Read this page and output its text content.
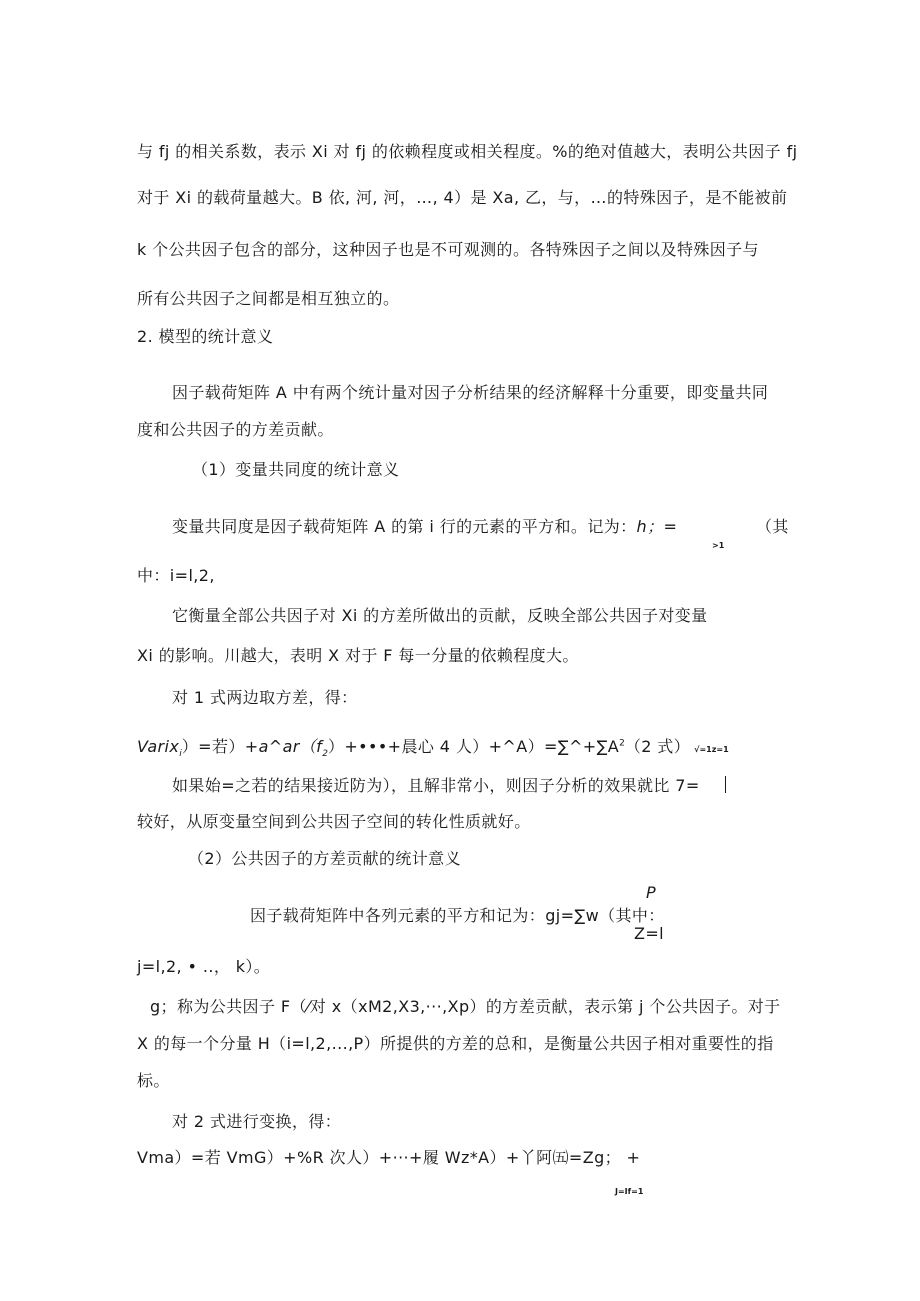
与 fj 的相关系数，表示 Xi 对 fj 的依赖程度或相关程度。%的绝对值越大，表明公共因子 fj
对于 Xi 的载荷量越大。B 依, 河, 河，…, 4）是 Xa, 乙，与，…的特殊因子，是不能被前
k 个公共因子包含的部分，这种因子也是不可观测的。各特殊因子之间以及特殊因子与
所有公共因子之间都是相互独立的。
2. 模型的统计意义
因子载荷矩阵 A 中有两个统计量对因子分析结果的经济解释十分重要，即变量共同
度和公共因子的方差贡献。
（1）变量共同度的统计意义
变量共同度是因子载荷矩阵 A 的第 i 行的元素的平方和。记为：h；=	（其
>1
中：i=l,2,
它衡量全部公共因子对 Xi 的方差所做出的贡献，反映全部公共因子对变量
Xi 的影响。川越大，表明 X 对于 F 每一分量的依赖程度大。
对 1 式两边取方差，得：
Varix$_i$）=若）$+a\^{}ar(f_2)+•••+$晨心 4 人）$+\^{}A)=\sum\^{}+\sum A^2(2$ 式） √=1z=1
如果始=之若的结果接近防为），且解非常小，则因子分析的效果就比 7=
较好，从原变量空间到公共因子空间的转化性质就好。
（2）公共因子的方差贡献的统计意义
P
因子载荷矩阵中各列元素的平方和记为：gj=∑w（其中：
Z=l
j=l,2, • ..， k）。
g；称为公共因子 F（⁄对 x（xM2,X3,···,Xp）的方差贡献，表示第 j 个公共因子。对于
X 的每一个分量 H（i=l,2,...,P）所提供的方差的总和，是衡量公共因子相对重要性的指
标。
对 2 式进行变换，得：
Vma）=若 VmG）+%R 次人）+···+履 Wz*A）+丫阿㈤=Zg； +
J=If=1
